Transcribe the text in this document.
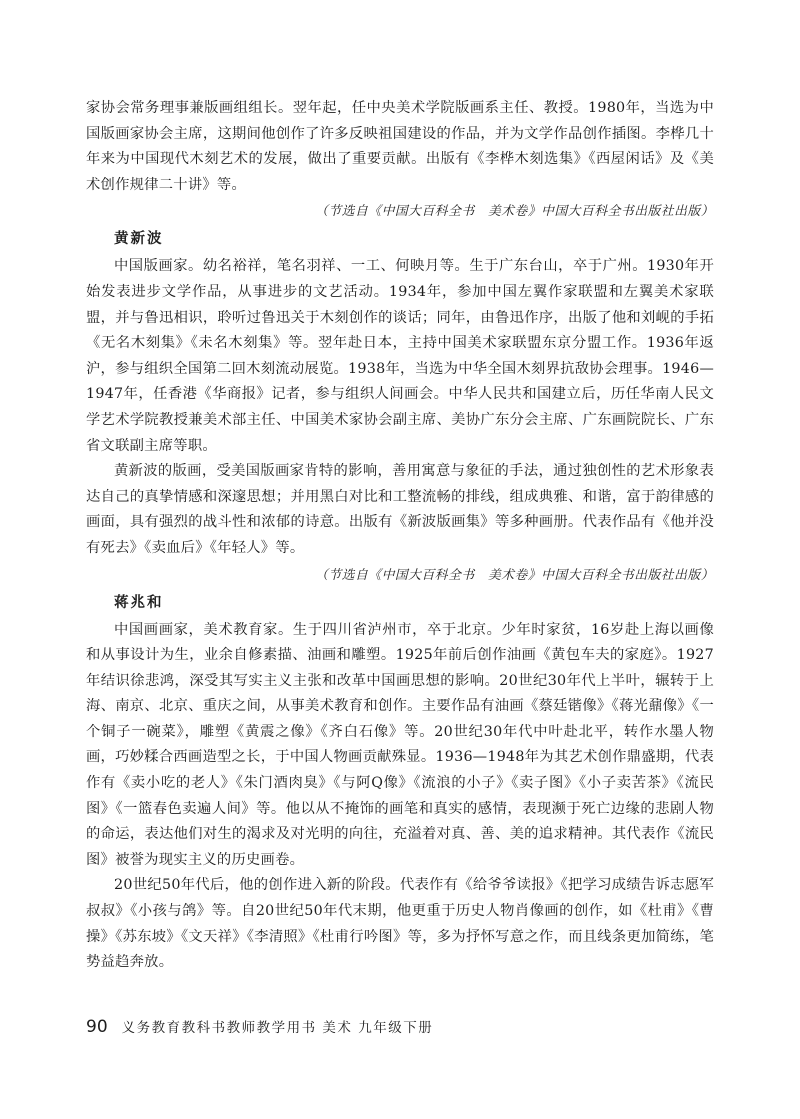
家协会常务理事兼版画组组长。翌年起，任中央美术学院版画系主任、教授。1980年，当选为中国版画家协会主席，这期间他创作了许多反映祖国建设的作品，并为文学作品创作插图。李桦几十年来为中国现代木刻艺术的发展，做出了重要贡献。出版有《李桦木刻选集》《西屋闲话》及《美术创作规律二十讲》等。

（节选自《中国大百科全书　美术卷》中国大百科全书出版社出版）

黄新波

中国版画家。幼名裕祥，笔名羽祥、一工、何映月等。生于广东台山，卒于广州。1930年开始发表进步文学作品，从事进步的文艺活动。1934年，参加中国左翼作家联盟和左翼美术家联盟，并与鲁迅相识，聆听过鲁迅关于木刻创作的谈话；同年，由鲁迅作序，出版了他和刘岘的手拓《无名木刻集》《未名木刻集》等。翌年赴日本，主持中国美术家联盟东京分盟工作。1936年返沪，参与组织全国第二回木刻流动展览。1938年，当选为中华全国木刻界抗敌协会理事。1946—1947年，任香港《华商报》记者，参与组织人间画会。中华人民共和国建立后，历任华南人民文学艺术学院教授兼美术部主任、中国美术家协会副主席、美协广东分会主席、广东画院院长、广东省文联副主席等职。

黄新波的版画，受美国版画家肯特的影响，善用寓意与象征的手法，通过独创性的艺术形象表达自己的真挚情感和深邃思想；并用黑白对比和工整流畅的排线，组成典雅、和谐，富于韵律感的画面，具有强烈的战斗性和浓郁的诗意。出版有《新波版画集》等多种画册。代表作品有《他并没有死去》《卖血后》《年轻人》等。

（节选自《中国大百科全书　美术卷》中国大百科全书出版社出版）

蒋兆和

中国画画家，美术教育家。生于四川省泸州市，卒于北京。少年时家贫，16岁赴上海以画像和从事设计为生，业余自修素描、油画和雕塑。1925年前后创作油画《黄包车夫的家庭》。1927年结识徐悲鸿，深受其写实主义主张和改革中国画思想的影响。20世纪30年代上半叶，辗转于上海、南京、北京、重庆之间，从事美术教育和创作。主要作品有油画《蔡廷锴像》《蒋光鼐像》《一个铜子一碗菜》，雕塑《黄震之像》《齐白石像》等。20世纪30年代中叶赴北平，转作水墨人物画，巧妙糅合西画造型之长，于中国人物画贡献殊显。1936—1948年为其艺术创作鼎盛期，代表作有《卖小吃的老人》《朱门酒肉臭》《与阿Q像》《流浪的小子》《卖子图》《小子卖苦茶》《流民图》《一篮春色卖遍人间》等。他以从不掩饰的画笔和真实的感情，表现濒于死亡边缘的悲剧人物的命运，表达他们对生的渴求及对光明的向往，充溢着对真、善、美的追求精神。其代表作《流民图》被誉为现实主义的历史画卷。

20世纪50年代后，他的创作进入新的阶段。代表作有《给爷爷读报》《把学习成绩告诉志愿军叔叔》《小孩与鸽》等。自20世纪50年代末期，他更重于历史人物肖像画的创作，如《杜甫》《曹操》《苏东坡》《文天祥》《李清照》《杜甫行吟图》等，多为抒怀写意之作，而且线条更加简练，笔势益趋奔放。

90 义务教育教科书教师教学用书 美术 九年级下册
